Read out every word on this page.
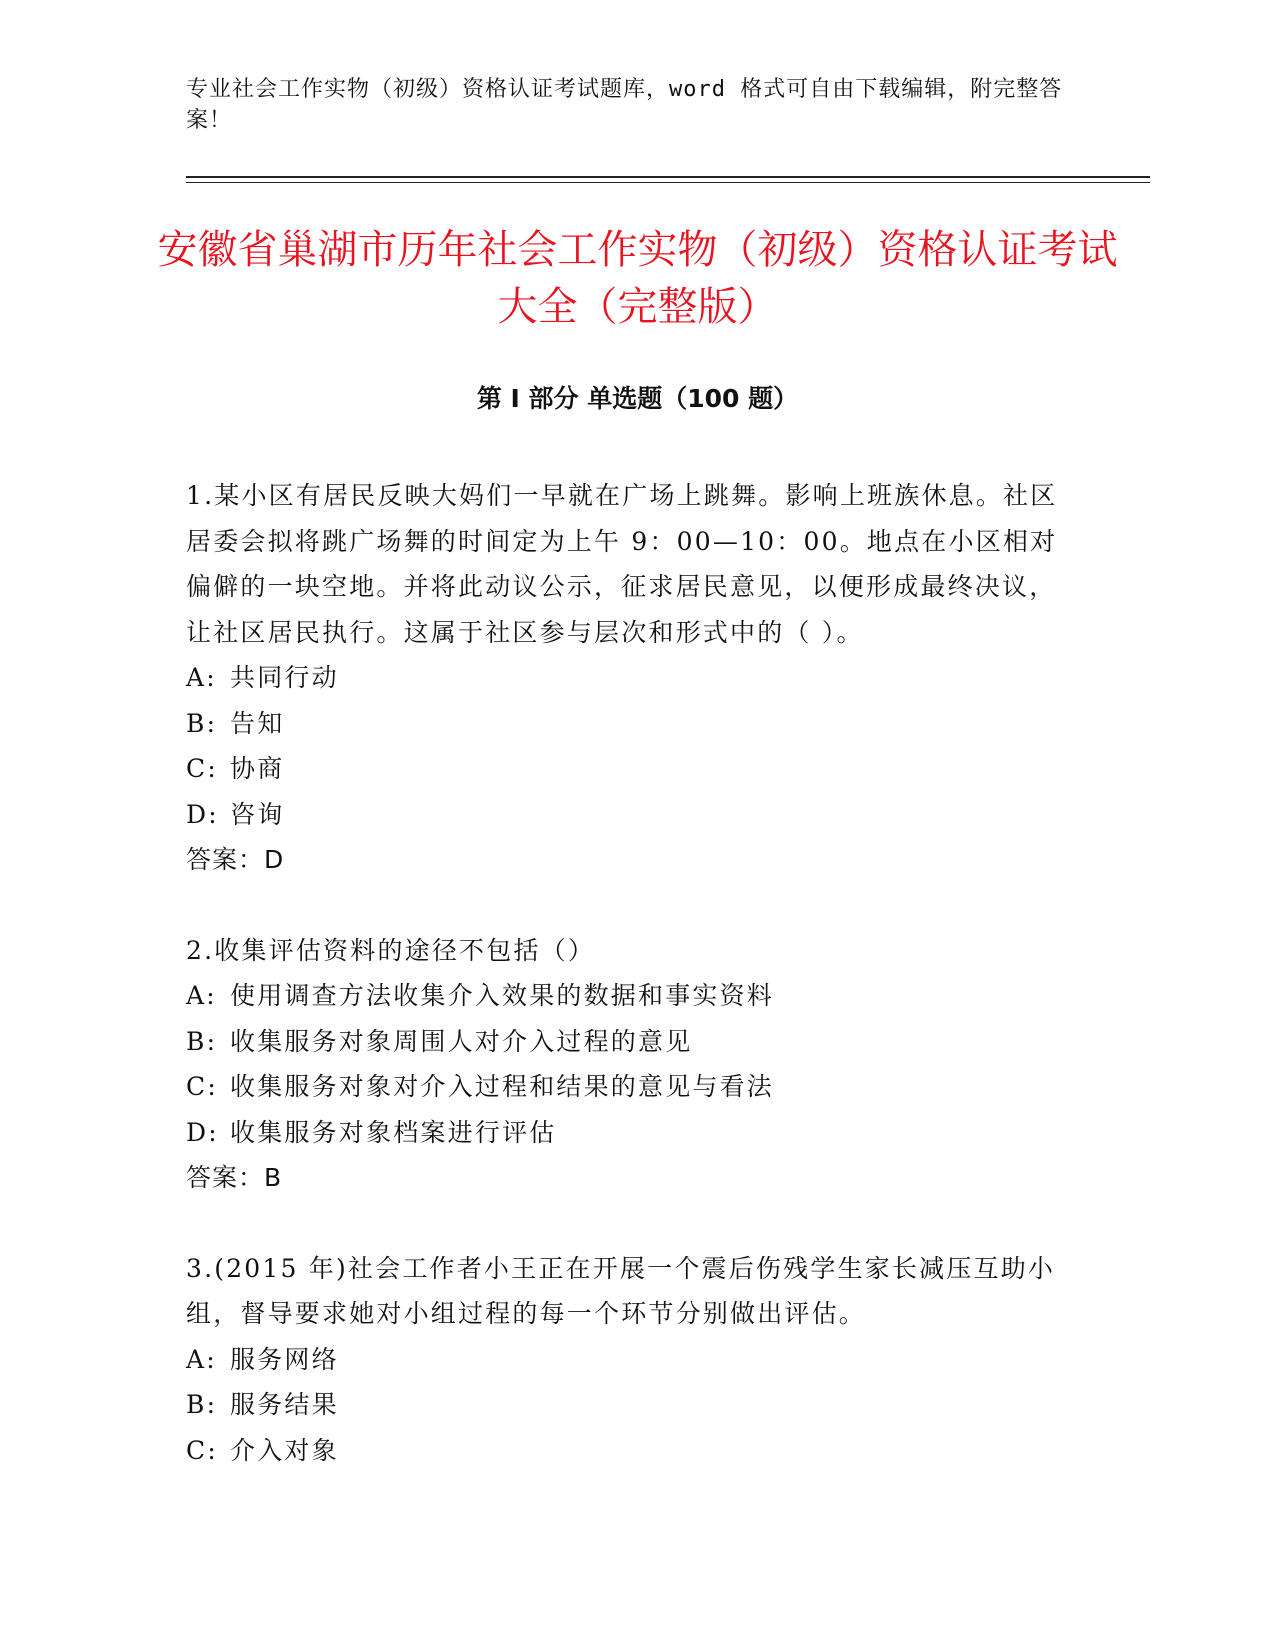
专业社会工作实物（初级）资格认证考试题库，word 格式可自由下载编辑，附完整答案！
安徽省巢湖市历年社会工作实物（初级）资格认证考试大全（完整版）
第 I 部分 单选题（100 题）
1.某小区有居民反映大妈们一早就在广场上跳舞。影响上班族休息。社区居委会拟将跳广场舞的时间定为上午 9：00—10：00。地点在小区相对偏僻的一块空地。并将此动议公示，征求居民意见，以便形成最终决议，让社区居民执行。这属于社区参与层次和形式中的（ ）。
A: 共同行动
B: 告知
C: 协商
D: 咨询
答案：D
2.收集评估资料的途径不包括（）
A: 使用调查方法收集介入效果的数据和事实资料
B: 收集服务对象周围人对介入过程的意见
C: 收集服务对象对介入过程和结果的意见与看法
D: 收集服务对象档案进行评估
答案：B
3.(2015 年)社会工作者小王正在开展一个震后伤残学生家长减压互助小组，督导要求她对小组过程的每一个环节分别做出评估。
A: 服务网络
B: 服务结果
C: 介入对象
